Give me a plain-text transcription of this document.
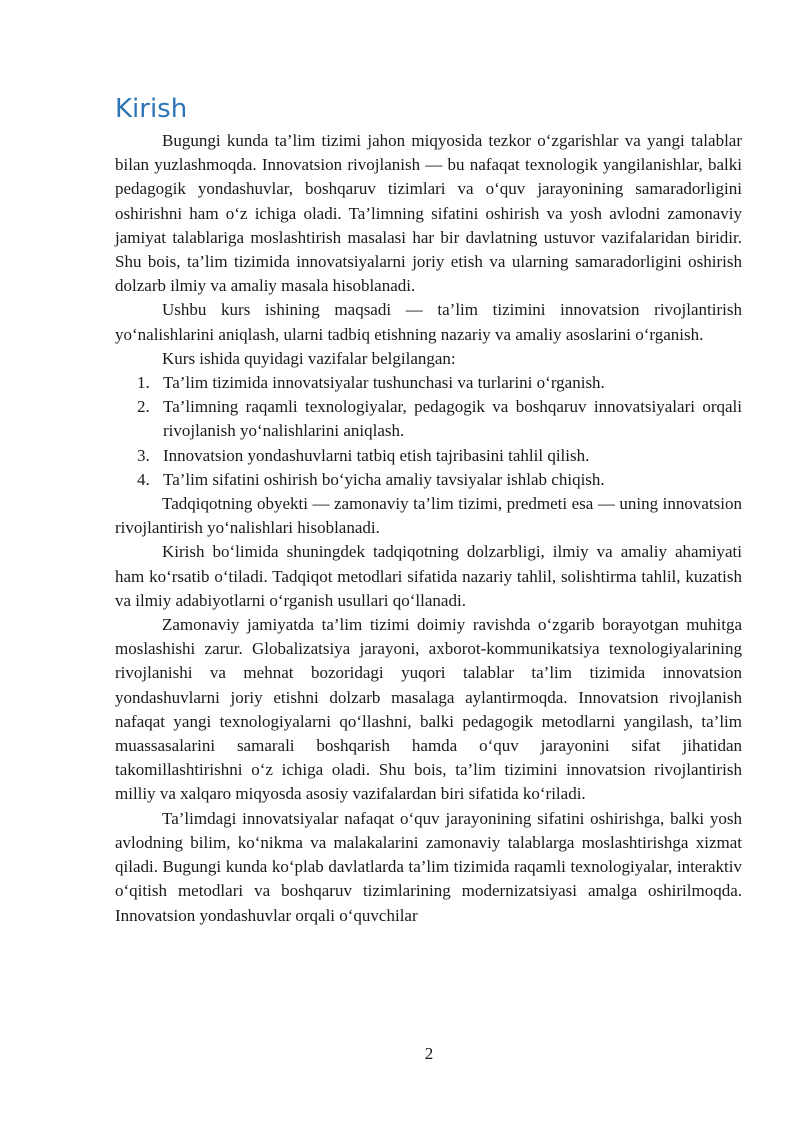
Kirish

Bugungi kunda ta’lim tizimi jahon miqyosida tezkor o‘zgarishlar va yangi talablar bilan yuzlashmoqda. Innovatsion rivojlanish — bu nafaqat texnologik yangilanishlar, balki pedagogik yondashuvlar, boshqaruv tizimlari va o‘quv jarayonining samaradorligini oshirishni ham o‘z ichiga oladi. Ta’limning sifatini oshirish va yosh avlodni zamonaviy jamiyat talablariga moslashtirish masalasi har bir davlatning ustuvor vazifalaridan biridir. Shu bois, ta’lim tizimida innovatsiyalarni joriy etish va ularning samaradorligini oshirish dolzarb ilmiy va amaliy masala hisoblanadi.

Ushbu kurs ishining maqsadi — ta’lim tizimini innovatsion rivojlantirish yo‘nalishlarini aniqlash, ularni tadbiq etishning nazariy va amaliy asoslarini o‘rganish.

Kurs ishida quyidagi vazifalar belgilangan:

1. Ta’lim tizimida innovatsiyalar tushunchasi va turlarini o‘rganish.
2. Ta’limning raqamli texnologiyalar, pedagogik va boshqaruv innovatsiyalari orqali rivojlanish yo‘nalishlarini aniqlash.
3. Innovatsion yondashuvlarni tatbiq etish tajribasini tahlil qilish.
4. Ta’lim sifatini oshirish bo‘yicha amaliy tavsiyalar ishlab chiqish.

Tadqiqotning obyekti — zamonaviy ta’lim tizimi, predmeti esa — uning innovatsion rivojlantirish yo‘nalishlari hisoblanadi.

Kirish bo‘limida shuningdek tadqiqotning dolzarbligi, ilmiy va amaliy ahamiyati ham ko‘rsatib o‘tiladi. Tadqiqot metodlari sifatida nazariy tahlil, solishtirma tahlil, kuzatish va ilmiy adabiyotlarni o‘rganish usullari qo‘llanadi.

Zamonaviy jamiyatda ta’lim tizimi doimiy ravishda o‘zgarib borayotgan muhitga moslashishi zarur. Globalizatsiya jarayoni, axborot-kommunikatsiya texnologiyalarining rivojlanishi va mehnat bozoridagi yuqori talablar ta’lim tizimida innovatsion yondashuvlarni joriy etishni dolzarb masalaga aylantirmoqda. Innovatsion rivojlanish nafaqat yangi texnologiyalarni qo‘llashni, balki pedagogik metodlarni yangilash, ta’lim muassasalarini samarali boshqarish hamda o‘quv jarayonini sifat jihatidan takomillashtirishni o‘z ichiga oladi. Shu bois, ta’lim tizimini innovatsion rivojlantirish milliy va xalqaro miqyosda asosiy vazifalardan biri sifatida ko‘riladi.

Ta’limdagi innovatsiyalar nafaqat o‘quv jarayonining sifatini oshirishga, balki yosh avlodning bilim, ko‘nikma va malakalarini zamonaviy talablarga moslashtirishga xizmat qiladi. Bugungi kunda ko‘plab davlatlarda ta’lim tizimida raqamli texnologiyalar, interaktiv o‘qitish metodlari va boshqaruv tizimlarining modernizatsiyasi amalga oshirilmoqda. Innovatsion yondashuvlar orqali o‘quvchilar

2
